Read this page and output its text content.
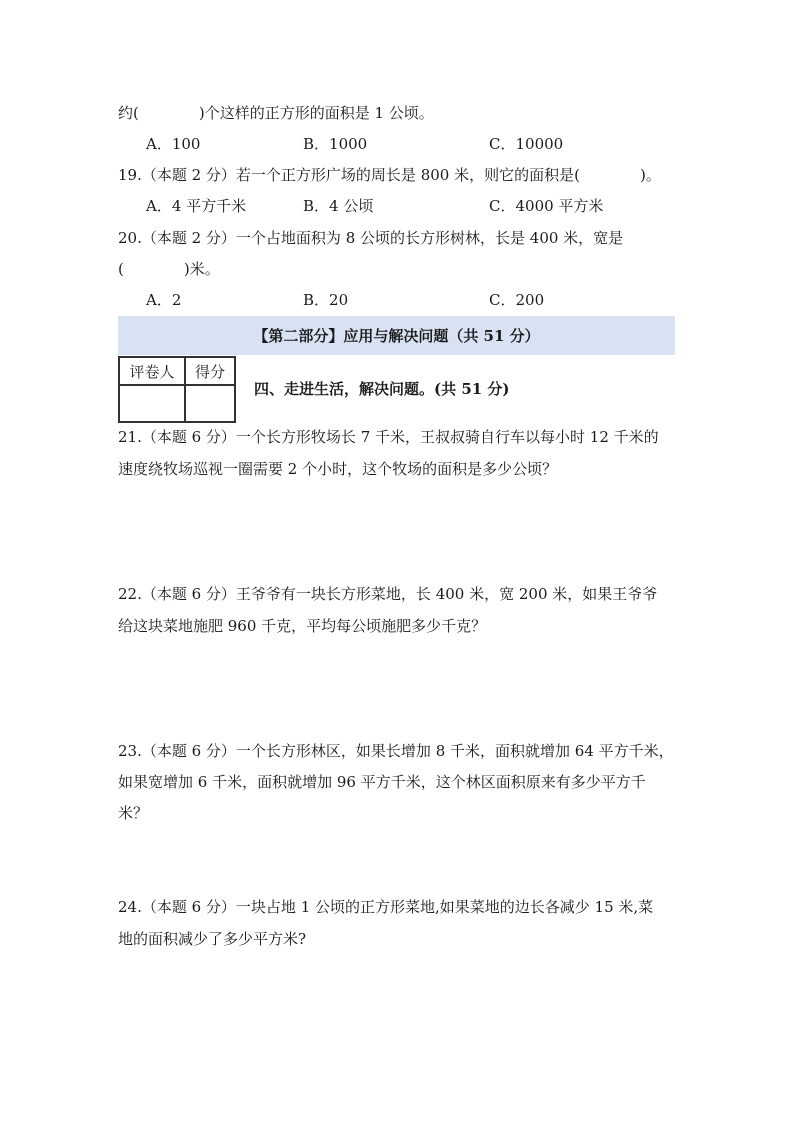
约(	)个这样的正方形的面积是 1 公顷。
A．100	B．1000	C．10000
19.（本题 2 分）若一个正方形广场的周长是 800 米，则它的面积是(	)。
A．4 平方千米	B．4 公顷	C．4000 平方米
20.（本题 2 分）一个占地面积为 8 公顷的长方形树林，长是 400 米，宽是
(	)米。
A．2	B．20	C．200
【第二部分】应用与解决问题（共 51 分）
评卷人	得分

四、走进生活，解决问题。(共 51 分)
21.（本题 6 分）一个长方形牧场长 7 千米，王叔叔骑自行车以每小时 12 千米的
速度绕牧场巡视一圈需要 2 个小时，这个牧场的面积是多少公顷？
22.（本题 6 分）王爷爷有一块长方形菜地，长 400 米，宽 200 米，如果王爷爷
给这块菜地施肥 960 千克，平均每公顷施肥多少千克？
23.（本题 6 分）一个长方形林区，如果长增加 8 千米，面积就增加 64 平方千米，
如果宽增加 6 千米，面积就增加 96 平方千米，这个林区面积原来有多少平方千
米？
24.（本题 6 分）一块占地 1 公顷的正方形菜地,如果菜地的边长各减少 15 米,菜
地的面积减少了多少平方米?
